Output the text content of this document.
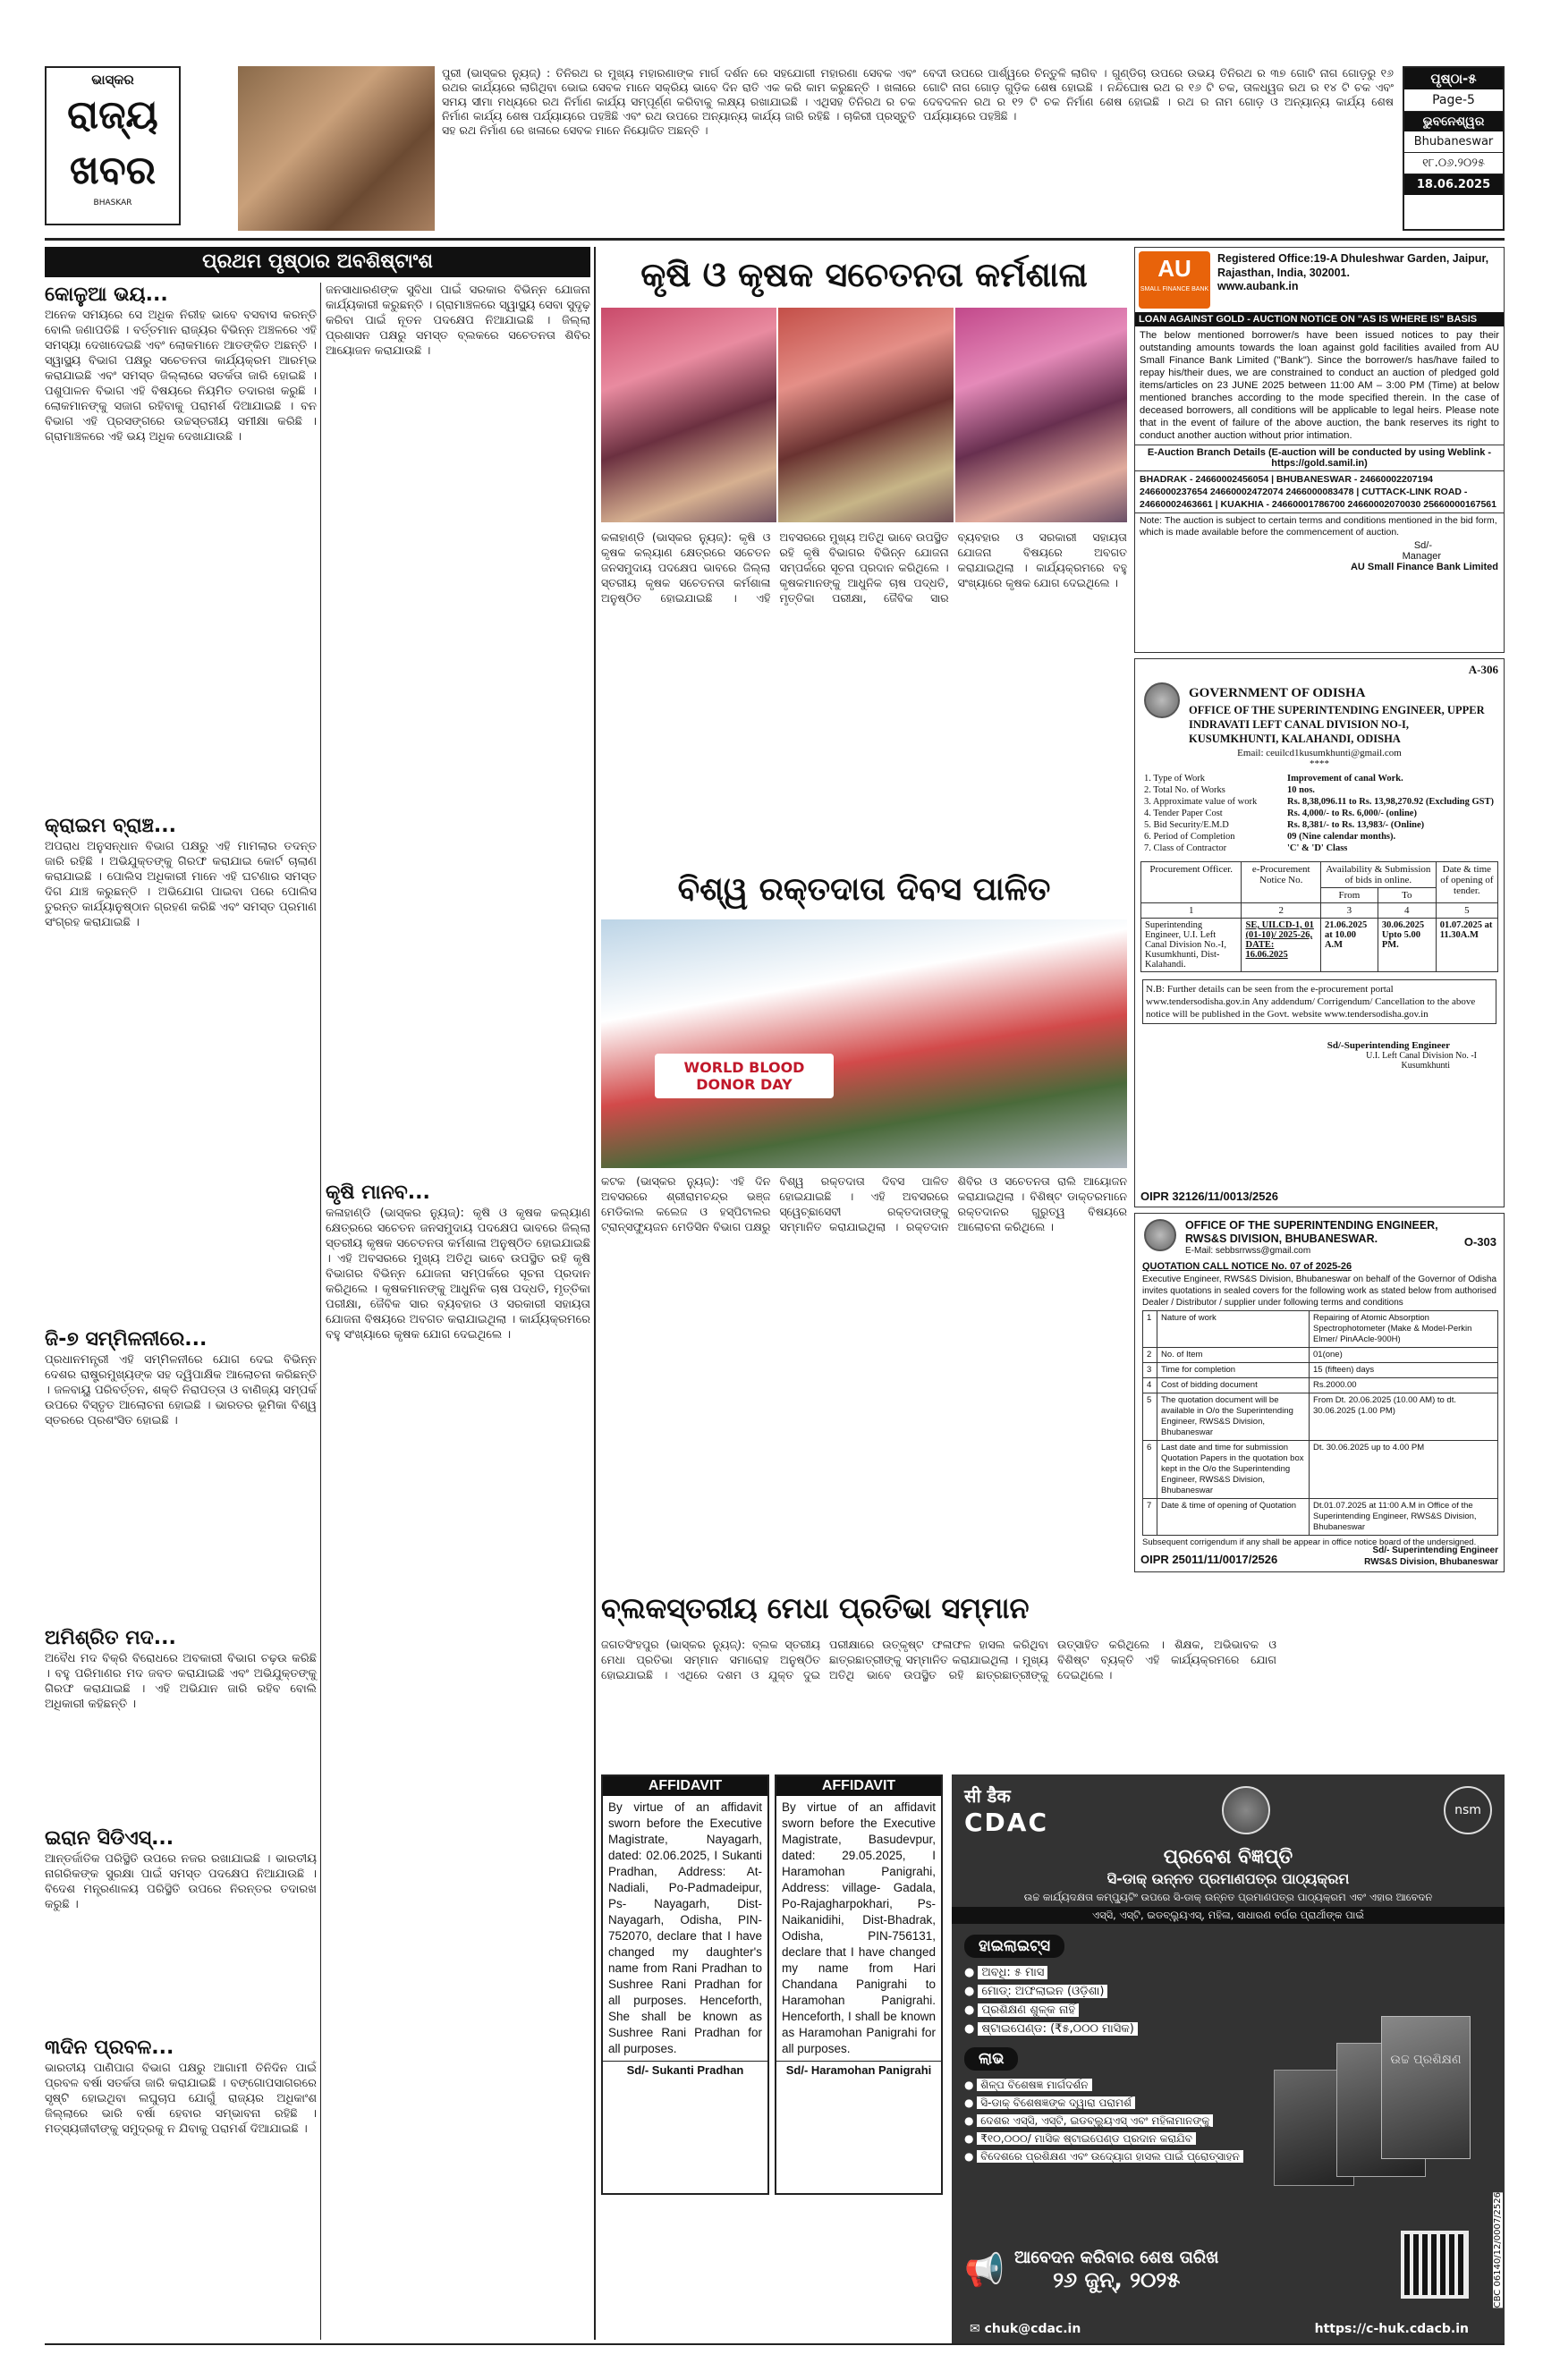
ଭାସ୍କର
ରାଜ୍ୟ ଖବର
BHASKAR
ପୁରୀ (ଭାସ୍କର ନ୍ୟୁଜ୍) : ତିନିରଥ ର ମୁଖ୍ୟ ମହାରଣାଙ୍କ ମାର୍ଗ ଦର୍ଶନ ରେ ସହଯୋଗୀ ମହାରଣା ସେବକ ଏବଂ ରଥର କାର୍ଯ୍ୟରେ ଲାଗିଥିବା ଭୋଇ ସେବକ ମାନେ ସକ୍ରିୟ ଭାବେ ଦିନ ରାତି ଏକ କରି କାମ କରୁଛନ୍ତି । ଖଳାରେ ସମୟ ସୀମା ମଧ୍ୟରେ ରଥ ନିର୍ମାଣ କାର୍ଯ୍ୟ ସମ୍ପୂର୍ଣ୍ଣ କରିବାକୁ ଲକ୍ଷ୍ୟ ରଖାଯାଇଛି । ଏଥିସହ ତିନିରଥ ର ଚକ ନିର୍ମାଣ କାର୍ଯ୍ୟ ଶେଷ ପର୍ଯ୍ୟାୟରେ ପହଞ୍ଚିଛି ଏବଂ ରଥ ଉପରେ ଅନ୍ୟାନ୍ୟ କାର୍ଯ୍ୟ ଜାରି ରହିଛି । ଚାକିରୀ ପ୍ରସ୍ତୁତି ସହ ରଥ ନିର୍ମାଣ ରେ ଖଳାରେ ସେବକ ମାନେ ନିୟୋଜିତ ଅଛନ୍ତି ।
ବେଦୀ ଉପରେ ପାର୍ଶ୍ୱରେ ଚିନ୍ତୁଳି ଲାଗିବ । ଗୁଣ୍ଡିଚା ଉପରେ ଉଭୟ ତିନିରଥ ର ୩୭ ଗୋଟି ନାଗ ଗୋଡ଼ରୁ ୧୬ ଗୋଟି ନାଗ ଗୋଡ଼ ଗୁଡ଼ିକ ଶେଷ ହୋଇଛି । ନନ୍ଦିଘୋଷ ରଥ ର ୧୬ ଟି ଚକ, ତାଳଧ୍ୱଜ ରଥ ର ୧୪ ଟି ଚକ ଏବଂ ଦେବଦଳନ ରଥ ର ୧୨ ଟି ଚକ ନିର୍ମାଣ ଶେଷ ହୋଇଛି । ରଥ ର ନାମ ଗୋଡ଼ ଓ ଅନ୍ୟାନ୍ୟ କାର୍ଯ୍ୟ ଶେଷ ପର୍ଯ୍ୟାୟରେ ପହଞ୍ଚିଛି ।
ପୃଷ୍ଠା-୫
Page-5
ଭୁବନେଶ୍ୱର
Bhubaneswar
୧୮.୦୬.୨୦୨୫
18.06.2025
ପ୍ରଥମ ପୃଷ୍ଠାର ଅବଶିଷ୍ଟାଂଶ
କୋଳୁଆ ଭୟ...
ଅନେକ ସମୟରେ ସେ ଅଧିକ ନିରୀହ ଭାବେ ବସବାସ କରନ୍ତି ବୋଲି ଜଣାପଡିଛି । ବର୍ତ୍ତମାନ ରାଜ୍ୟର ବିଭିନ୍ନ ଅଞ୍ଚଳରେ ଏହି ସମସ୍ୟା ଦେଖାଦେଇଛି ଏବଂ ଲୋକମାନେ ଆତଙ୍କିତ ଅଛନ୍ତି । ସ୍ୱାସ୍ଥ୍ୟ ବିଭାଗ ପକ୍ଷରୁ ସଚେତନତା କାର୍ଯ୍ୟକ୍ରମ ଆରମ୍ଭ କରାଯାଇଛି ଏବଂ ସମସ୍ତ ଜିଲ୍ଲାରେ ସତର୍କତା ଜାରି ହୋଇଛି । ପଶୁପାଳନ ବିଭାଗ ଏହି ବିଷୟରେ ନିୟମିତ ତଦାରଖ କରୁଛି । ଲୋକମାନଙ୍କୁ ସଜାଗ ରହିବାକୁ ପରାମର୍ଶ ଦିଆଯାଇଛି । ବନ ବିଭାଗ ଏହି ପ୍ରସଙ୍ଗରେ ଉଚ୍ଚସ୍ତରୀୟ ସମୀକ୍ଷା କରିଛି । ଗ୍ରାମାଞ୍ଚଳରେ ଏହି ଭୟ ଅଧିକ ଦେଖାଯାଉଛି ।
କ୍ରାଇମ ବ୍ରାଞ୍ଚ...
ଅପରାଧ ଅନୁସନ୍ଧାନ ବିଭାଗ ପକ୍ଷରୁ ଏହି ମାମଲାର ତଦନ୍ତ ଜାରି ରହିଛି । ଅଭିଯୁକ୍ତଙ୍କୁ ଗିରଫ କରାଯାଇ କୋର୍ଟ ଚାଲାଣ କରାଯାଇଛି । ପୋଲିସ ଅଧିକାରୀ ମାନେ ଏହି ଘଟଣାର ସମସ୍ତ ଦିଗ ଯାଞ୍ଚ କରୁଛନ୍ତି । ଅଭିଯୋଗ ପାଇବା ପରେ ପୋଲିସ ତୁରନ୍ତ କାର୍ଯ୍ୟାନୁଷ୍ଠାନ ଗ୍ରହଣ କରିଛି ଏବଂ ସମସ୍ତ ପ୍ରମାଣ ସଂଗ୍ରହ କରାଯାଇଛି ।
ଜି-୭ ସମ୍ମିଳନୀରେ...
ପ୍ରଧାନମନ୍ତ୍ରୀ ଏହି ସମ୍ମିଳନୀରେ ଯୋଗ ଦେଇ ବିଭିନ୍ନ ଦେଶର ରାଷ୍ଟ୍ରମୁଖ୍ୟଙ୍କ ସହ ଦ୍ୱିପାକ୍ଷିକ ଆଲୋଚନା କରିଛନ୍ତି । ଜଳବାୟୁ ପରିବର୍ତ୍ତନ, ଶକ୍ତି ନିରାପତ୍ତା ଓ ବାଣିଜ୍ୟ ସମ୍ପର୍କ ଉପରେ ବିସ୍ତୃତ ଆଲୋଚନା ହୋଇଛି । ଭାରତର ଭୂମିକା ବିଶ୍ୱ ସ୍ତରରେ ପ୍ରଶଂସିତ ହୋଇଛି ।
ଅମିଶ୍ରିତ ମଦ...
ଅବୈଧ ମଦ ବିକ୍ରି ବିରୋଧରେ ଅବକାରୀ ବିଭାଗ ଚଢ଼ଉ କରିଛି । ବହୁ ପରିମାଣର ମଦ ଜବତ କରାଯାଇଛି ଏବଂ ଅଭିଯୁକ୍ତଙ୍କୁ ଗିରଫ କରାଯାଇଛି । ଏହି ଅଭିଯାନ ଜାରି ରହିବ ବୋଲି ଅଧିକାରୀ କହିଛନ୍ତି ।
ଇରାନ ସିଡିଏସ୍...
ଆନ୍ତର୍ଜାତିକ ପରିସ୍ଥିତି ଉପରେ ନଜର ରଖାଯାଇଛି । ଭାରତୀୟ ନାଗରିକଙ୍କ ସୁରକ୍ଷା ପାଇଁ ସମସ୍ତ ପଦକ୍ଷେପ ନିଆଯାଉଛି । ବିଦେଶ ମନ୍ତ୍ରଣାଳୟ ପରିସ୍ଥିତି ଉପରେ ନିରନ୍ତର ତଦାରଖ କରୁଛି ।
୩ଦିନ ପ୍ରବଳ...
ଭାରତୀୟ ପାଣିପାଗ ବିଭାଗ ପକ୍ଷରୁ ଆଗାମୀ ତିନିଦିନ ପାଇଁ ପ୍ରବଳ ବର୍ଷା ସତର୍କତା ଜାରି କରାଯାଇଛି । ବଙ୍ଗୋପସାଗରରେ ସୃଷ୍ଟି ହୋଇଥିବା ଲଘୁଚାପ ଯୋଗୁଁ ରାଜ୍ୟର ଅଧିକାଂଶ ଜିଲ୍ଲାରେ ଭାରି ବର୍ଷା ହେବାର ସମ୍ଭାବନା ରହିଛି । ମତ୍ସ୍ୟଜୀବୀଙ୍କୁ ସମୁଦ୍ରକୁ ନ ଯିବାକୁ ପରାମର୍ଶ ଦିଆଯାଇଛି ।
ଜନସାଧାରଣଙ୍କ ସୁବିଧା ପାଇଁ ସରକାର ବିଭିନ୍ନ ଯୋଜନା କାର୍ଯ୍ୟକାରୀ କରୁଛନ୍ତି । ଗ୍ରାମାଞ୍ଚଳରେ ସ୍ୱାସ୍ଥ୍ୟ ସେବା ସୁଦୃଢ଼ କରିବା ପାଇଁ ନୂତନ ପଦକ୍ଷେପ ନିଆଯାଇଛି । ଜିଲ୍ଲା ପ୍ରଶାସନ ପକ୍ଷରୁ ସମସ୍ତ ବ୍ଲକରେ ସଚେତନତା ଶିବିର ଆୟୋଜନ କରାଯାଉଛି ।
କୃଷି ମାନବ...
କଳାହାଣ୍ଡି (ଭାସ୍କର ନ୍ୟୁଜ୍): କୃଷି ଓ କୃଷକ କଲ୍ୟାଣ କ୍ଷେତ୍ରରେ ସଚେତନ ଜନସମୁଦାୟ ପଦକ୍ଷେପ ଭାବରେ ଜିଲ୍ଲା ସ୍ତରୀୟ କୃଷକ ସଚେତନତା କର୍ମଶାଳା ଅନୁଷ୍ଠିତ ହୋଇଯାଇଛି । ଏହି ଅବସରରେ ମୁଖ୍ୟ ଅତିଥି ଭାବେ ଉପସ୍ଥିତ ରହି କୃଷି ବିଭାଗର ବିଭିନ୍ନ ଯୋଜନା ସମ୍ପର୍କରେ ସୂଚନା ପ୍ରଦାନ କରିଥିଲେ । କୃଷକମାନଙ୍କୁ ଆଧୁନିକ ଚାଷ ପଦ୍ଧତି, ମୃତ୍ତିକା ପରୀକ୍ଷା, ଜୈବିକ ସାର ବ୍ୟବହାର ଓ ସରକାରୀ ସହାୟତା ଯୋଜନା ବିଷୟରେ ଅବଗତ କରାଯାଇଥିଲା । କାର୍ଯ୍ୟକ୍ରମରେ ବହୁ ସଂଖ୍ୟାରେ କୃଷକ ଯୋଗ ଦେଇଥିଲେ ।
କୃଷି ଓ କୃଷକ ସଚେତନତା କର୍ମଶାଳା
କଳାହାଣ୍ଡି (ଭାସ୍କର ନ୍ୟୁଜ୍): କୃଷି ଓ କୃଷକ କଲ୍ୟାଣ କ୍ଷେତ୍ରରେ ସଚେତନ ଜନସମୁଦାୟ ପଦକ୍ଷେପ ଭାବରେ ଜିଲ୍ଲା ସ୍ତରୀୟ କୃଷକ ସଚେତନତା କର୍ମଶାଳା ଅନୁଷ୍ଠିତ ହୋଇଯାଇଛି । ଏହି ଅବସରରେ ମୁଖ୍ୟ ଅତିଥି ଭାବେ ଉପସ୍ଥିତ ରହି କୃଷି ବିଭାଗର ବିଭିନ୍ନ ଯୋଜନା ସମ୍ପର୍କରେ ସୂଚନା ପ୍ରଦାନ କରିଥିଲେ । କୃଷକମାନଙ୍କୁ ଆଧୁନିକ ଚାଷ ପଦ୍ଧତି, ମୃତ୍ତିକା ପରୀକ୍ଷା, ଜୈବିକ ସାର ବ୍ୟବହାର ଓ ସରକାରୀ ସହାୟତା ଯୋଜନା ବିଷୟରେ ଅବଗତ କରାଯାଇଥିଲା । କାର୍ଯ୍ୟକ୍ରମରେ ବହୁ ସଂଖ୍ୟାରେ କୃଷକ ଯୋଗ ଦେଇଥିଲେ ।
ବିଶ୍ୱ ରକ୍ତଦାତା ଦିବସ ପାଳିତ
WORLD BLOOD DONOR DAY
କଟକ (ଭାସ୍କର ନ୍ୟୁଜ୍): ଏହି ଦିନ ଅବସରରେ ଶ୍ରୀରାମଚନ୍ଦ୍ର ଭଞ୍ଜ ମେଡିକାଲ କଲେଜ ଓ ହସ୍ପିଟାଲର ଟ୍ରାନ୍ସଫ୍ୟୁଜନ ମେଡିସିନ ବିଭାଗ ପକ୍ଷରୁ ବିଶ୍ୱ ରକ୍ତଦାତା ଦିବସ ପାଳିତ ହୋଇଯାଇଛି । ଏହି ଅବସରରେ ସ୍ୱେଚ୍ଛାସେବୀ ରକ୍ତଦାତାଙ୍କୁ ସମ୍ମାନିତ କରାଯାଇଥିଲା । ରକ୍ତଦାନ ଶିବିର ଓ ସଚେତନତା ରାଲି ଆୟୋଜନ କରାଯାଇଥିଲା । ବିଶିଷ୍ଟ ଡାକ୍ତରମାନେ ରକ୍ତଦାନର ଗୁରୁତ୍ୱ ବିଷୟରେ ଆଲୋଚନା କରିଥିଲେ ।
ବ୍ଲକସ୍ତରୀୟ ମେଧା ପ୍ରତିଭା ସମ୍ମାନ
ଜଗତସିଂହପୁର (ଭାସ୍କର ନ୍ୟୁଜ୍): ବ୍ଲକ ସ୍ତରୀୟ ମେଧା ପ୍ରତିଭା ସମ୍ମାନ ସମାରୋହ ଅନୁଷ୍ଠିତ ହୋଇଯାଇଛି । ଏଥିରେ ଦଶମ ଓ ଯୁକ୍ତ ଦୁଇ ପରୀକ୍ଷାରେ ଉତ୍କୃଷ୍ଟ ଫଳାଫଳ ହାସଲ କରିଥିବା ଛାତ୍ରଛାତ୍ରୀଙ୍କୁ ସମ୍ମାନିତ କରାଯାଇଥିଲା । ମୁଖ୍ୟ ଅତିଥି ଭାବେ ଉପସ୍ଥିତ ରହି ଛାତ୍ରଛାତ୍ରୀଙ୍କୁ ଉତ୍ସାହିତ କରିଥିଲେ । ଶିକ୍ଷକ, ଅଭିଭାବକ ଓ ବିଶିଷ୍ଟ ବ୍ୟକ୍ତି ଏହି କାର୍ଯ୍ୟକ୍ରମରେ ଯୋଗ ଦେଇଥିଲେ ।
AFFIDAVIT
By virtue of an affidavit sworn before the Executive Magistrate, Nayagarh, dated: 02.06.2025, I Sukanti Pradhan, Address: At-Nadiali, Po-Padmadeipur, Ps- Nayagarh, Dist-Nayagarh, Odisha, PIN-752070, declare that I have changed my daughter's name from Rani Pradhan to Sushree Rani Pradhan for all purposes. Henceforth, She shall be known as Sushree Rani Pradhan for all purposes.
Sd/- Sukanti Pradhan
AFFIDAVIT
By virtue of an affidavit sworn before the Executive Magistrate, Basudevpur, dated: 29.05.2025, I Haramohan Panigrahi, Address: village- Gadala, Po-Rajagharpokhari, Ps-Naikanidihi, Dist-Bhadrak, Odisha, PIN-756131, declare that I have changed my name from Hari Chandana Panigrahi to Haramohan Panigrahi. Henceforth, I shall be known as Haramohan Panigrahi for all purposes.
Sd/- Haramohan Panigrahi
AU
SMALL FINANCE BANK
Registered Office:19-A Dhuleshwar Garden, Jaipur, Rajasthan, India, 302001.
www.aubank.in
LOAN AGAINST GOLD - AUCTION NOTICE ON "AS IS WHERE IS" BASIS
The below mentioned borrower/s have been issued notices to pay their outstanding amounts towards the loan against gold facilities availed from AU Small Finance Bank Limited ("Bank"). Since the borrower/s has/have failed to repay his/their dues, we are constrained to conduct an auction of pledged gold items/articles on 23 JUNE 2025 between 11:00 AM – 3:00 PM (Time) at below mentioned branches according to the mode specified therein. In the case of deceased borrowers, all conditions will be applicable to legal heirs. Please note that in the event of failure of the above auction, the bank reserves its right to conduct another auction without prior intimation.
E-Auction Branch Details (E-auction will be conducted by using Weblink - https://gold.samil.in)
BHADRAK - 2466000245605​4 | BHUBANESWAR - 2466000220719​4 2466000237654 2466000247207​4 2466000083478 | CUTTACK-LINK ROAD - 2466000246366​1 | KUAKHIA - 2466000178670​0 2466000207003​0 2566000016756​1
Note: The auction is subject to certain terms and conditions mentioned in the bid form, which is made available before the commencement of auction.
Sd/-
Manager
AU Small Finance Bank Limited
A-306
GOVERNMENT OF ODISHA
OFFICE OF THE SUPERINTENDING ENGINEER, UPPER INDRAVATI LEFT CANAL DIVISION NO-I, KUSUMKHUNTI, KALAHANDI, ODISHA
Email: ceuilcd1kusumkhunti@gmail.com
****
1. Type of Work	Improvement of canal Work.
2. Total No. of Works	10 nos.
3. Approximate value of work	Rs. 8,38,096.11 to Rs. 13,98,270.92 (Excluding GST)
4. Tender Paper Cost	Rs. 4,000/- to Rs. 6,000/- (online)
5. Bid Security/E.M.D	Rs. 8,381/- to Rs. 13,983/- (Online)
6. Period of Completion	09 (Nine calendar months).
7. Class of Contractor	'C' & 'D' Class
Procurement Officer.	e-Procurement Notice No.	Availability & Submission of bids in online.		Date & time of opening of tender.
		From	To	
1	2	3	4	5
Superintending Engineer, U.I. Left Canal Division No.-I, Kusumkhunti, Dist-Kalahandi.	SE, UILCD-1, 01 (01-10)/ 2025-26, DATE: 16.06.2025	21.06.2025 at 10.00 A.M	30.06.2025 Upto 5.00 PM.	01.07.2025 at 11.30A.M
N.B: Further details can be seen from the e-procurement portal www.tendersodisha.gov.in Any addendum/ Corrigendum/ Cancellation to the above notice will be published in the Govt. website www.tendersodisha.gov.in
Sd/-Superintending Engineer
U.I. Left Canal Division No. -I
Kusumkhunti
OIPR 32126/11/0013/2526
O-303
OFFICE OF THE SUPERINTENDING ENGINEER, RWS&S DIVISION, BHUBANESWAR.
E-Mail: sebbsrrwss@gmail.com
QUOTATION CALL NOTICE No. 07 of 2025-26
Executive Engineer, RWS&S Division, Bhubaneswar on behalf of the Governor of Odisha invites quotations in sealed covers for the following work as stated below from authorised Dealer / Distributor / supplier under following terms and conditions
1	Nature of work	Repairing of Atomic Absorption Spectrophotometer (Make & Model-Perkin Elmer/ PinAAcle-900H)
2	No. of Item	01(one)
3	Time for completion	15 (fifteen) days
4	Cost of bidding document	Rs.2000.00
5	The quotation document will be available in O/o the Superintending Engineer, RWS&S Division, Bhubaneswar	From Dt. 20.06.2025 (10.00 AM) to dt. 30.06.2025 (1.00 PM)
6	Last date and time for submission Quotation Papers in the quotation box kept in the O/o the Superintending Engineer, RWS&S Division, Bhubaneswar	Dt. 30.06.2025 up to 4.00 PM
7	Date & time of opening of Quotation	Dt.01.07.2025 at 11:00 A.M in Office of the Superintending Engineer, RWS&S Division, Bhubaneswar
Subsequent corrigendum if any shall be appear in office notice board of the undersigned.
OIPR 25011/11/0017/2526
Sd/- Superintending Engineer
RWS&S Division, Bhubaneswar
सी डैक
CDAC	nsm
ପ୍ରବେଶ ବିଜ୍ଞପ୍ତି
ସି-ଡାକ୍ ଉନ୍ନତ ପ୍ରମାଣପତ୍ର ପାଠ୍ୟକ୍ରମ
ଉଚ୍ଚ କାର୍ଯ୍ୟଦକ୍ଷତା କମ୍ପ୍ୟୁଟିଂ ଉପରେ ସି-ଡାକ୍ ଉନ୍ନତ ପ୍ରମାଣପତ୍ର ପାଠ୍ୟକ୍ରମ ଏବଂ ଏହାର ଆବେଦନ
ଏସ୍‌ସି, ଏସ୍‌ଟି, ଇଡବ୍ଲ୍ୟୁଏସ୍, ମହିଳା, ସାଧାରଣ ବର୍ଗର ପ୍ରାର୍ଥୀଙ୍କ ପାଇଁ
ହାଇଲାଇଟ୍ସ
● ଅବଧି: ୫ ମାସ
● ମୋଡ୍: ଅଫଲାଇନ (ଓଡ଼ିଶା)
● ପ୍ରଶିକ୍ଷଣ ଶୁଳ୍କ ନାହିଁ
● ଷ୍ଟାଇପେଣ୍ଡ: (₹୫,୦୦୦ ମାସିକ)
ଲାଭ
● ଶିଳ୍ପ ବିଶେଷଜ୍ଞ ମାର୍ଗଦର୍ଶନ
● ସି-ଡାକ୍ ବିଶେଷଜ୍ଞଙ୍କ ଦ୍ୱାରା ପରାମର୍ଶ
● ଦେଶର ଏସ୍‌ସି, ଏସ୍‌ଟି, ଇଡବ୍ଲ୍ୟୁଏସ୍ ଏବଂ ମହିଳାମାନଙ୍କୁ
● ₹୧୦,୦୦୦/ ମାସିକ ଷ୍ଟାଇପେଣ୍ଡ ପ୍ରଦାନ କରାଯିବ
● ବିଦେଶରେ ପ୍ରଶିକ୍ଷଣ ଏବଂ ଉଦ୍ୟୋଗ ହାସଲ ପାଇଁ ପ୍ରୋତ୍ସାହନ
ଉଚ୍ଚ ପ୍ରଶିକ୍ଷଣ
📢 ଆବେଦନ କରିବାର ଶେଷ ତାରିଖ
୨୬ ଜୁନ୍, ୨୦୨୫
✉ chuk@cdac.in	https://c-huk.cdacb.in
CBC 06140/12/0007/2526
